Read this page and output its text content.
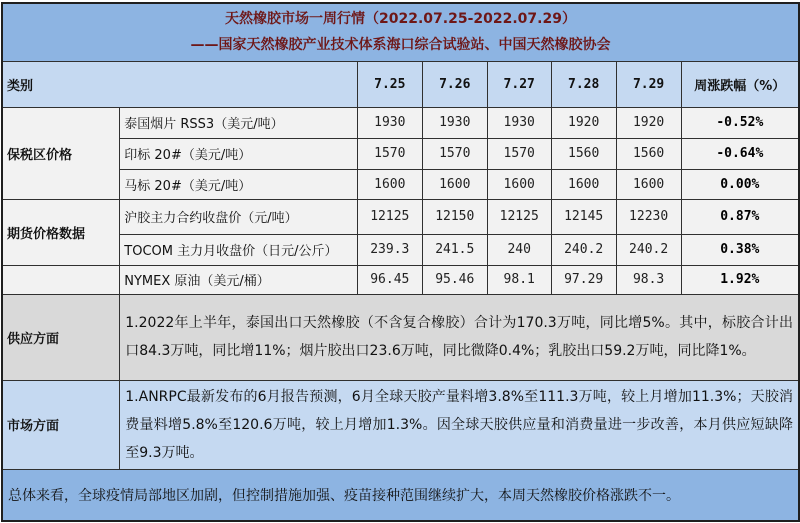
天然橡胶市场一周行情（2022.07.25-2022.07.29）
——国家天然橡胶产业技术体系海口综合试验站、中国天然橡胶协会							

类别		7.25	7.26	7.27	7.28	7.29	周涨跌幅（%）
保税区价格	泰国烟片 RSS3（美元/吨）	1930	1930	1930	1920	1920	-0.52%
	印标 20#（美元/吨）	1570	1570	1570	1560	1560	-0.64%
	马标 20#（美元/吨）	1600	1600	1600	1600	1600	0.00%
期货价格数据	沪胶主力合约收盘价（元/吨）	12125	12150	12125	12145	12230	0.87%
	TOCOM 主力月收盘价（日元/公斤）	239.3	241.5	240	240.2	240.2	0.38%
	NYMEX 原油（美元/桶）	96.45	95.46	98.1	97.29	98.3	1.92%
供应方面	1.2022年上半年，泰国出口天然橡胶（不含复合橡胶）合计为170.3万吨，同比增5%。其中，标胶合计出口84.3万吨，同比增11%；烟片胶出口23.6万吨，同比微降0.4%；乳胶出口59.2万吨，同比降1%。						
市场方面	1.ANRPC最新发布的6月报告预测，6月全球天胶产量料增3.8%至111.3万吨，较上月增加11.3%；天胶消费量料增5.8%至120.6万吨，较上月增加1.3%。因全球天胶供应量和消费量进一步改善，本月供应短缺降至9.3万吨。						
总体来看，全球疫情局部地区加剧，但控制措施加强、疫苗接种范围继续扩大，本周天然橡胶价格涨跌不一。							
